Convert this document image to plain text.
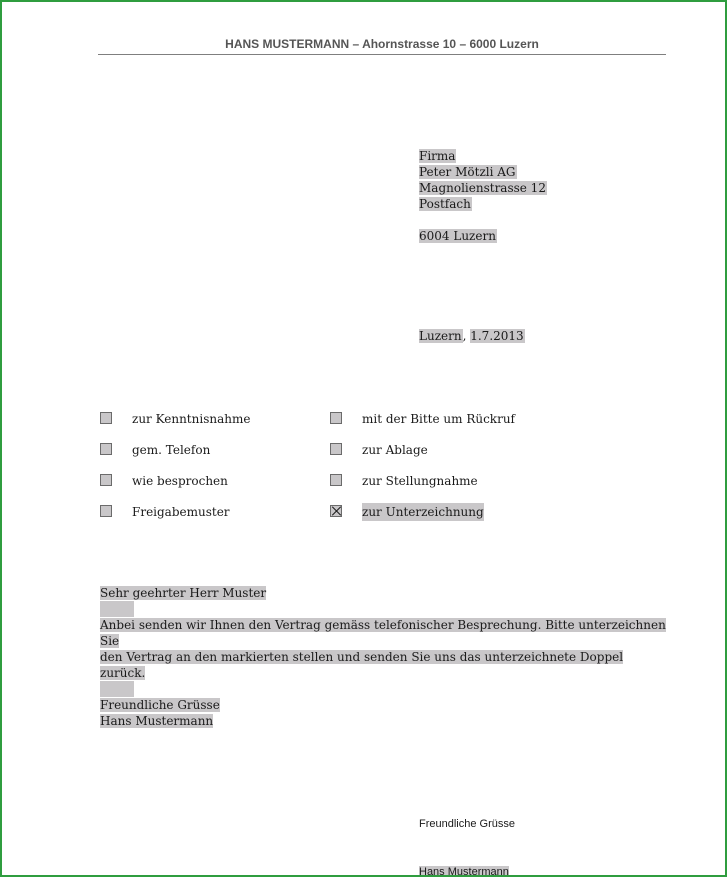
HANS MUSTERMANN – Ahornstrasse 10 – 6000 Luzern
Firma
Peter Mötzli AG
Magnolienstrasse 12
Postfach
6004 Luzern
Luzern, 1.7.2013
zur Kenntnisnahme
gem. Telefon
wie besprochen
Freigabemuster
mit der Bitte um Rückruf
zur Ablage
zur Stellungnahme
zur Unterzeichnung
Sehr geehrter Herr Muster
Anbei senden wir Ihnen den Vertrag gemäss telefonischer Besprechung. Bitte unterzeichnen Sie
den Vertrag an den markierten stellen und senden Sie uns das unterzeichnete Doppel zurück.
Freundliche Grüsse
Hans Mustermann
Freundliche Grüsse
Hans Mustermann
